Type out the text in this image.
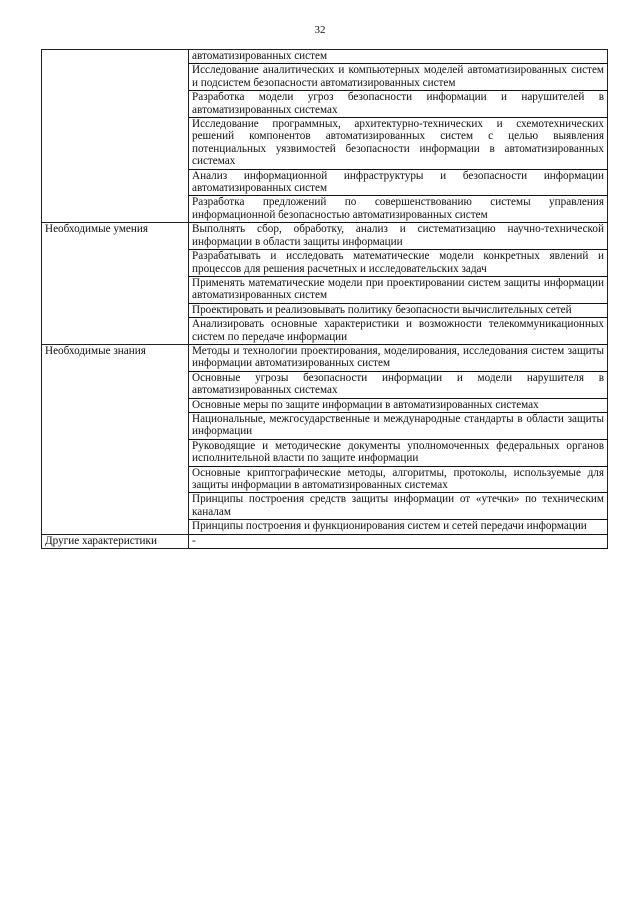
32
	автоматизированных систем
	Исследование аналитических и компьютерных моделей автоматизированных систем и подсистем безопасности автоматизированных систем
	Разработка модели угроз безопасности информации и нарушителей в автоматизированных системах
	Исследование программных, архитектурно-технических и схемотехнических решений компонентов автоматизированных систем с целью выявления потенциальных уязвимостей безопасности информации в автоматизированных системах
	Анализ информационной инфраструктуры и безопасности информации автоматизированных систем
	Разработка предложений по совершенствованию системы управления информационной безопасностью автоматизированных систем
Необходимые умения	Выполнять сбор, обработку, анализ и систематизацию научно-технической информации в области защиты информации
	Разрабатывать и исследовать математические модели конкретных явлений и процессов для решения расчетных и исследовательских задач
	Применять математические модели при проектировании систем защиты информации автоматизированных систем
	Проектировать и реализовывать политику безопасности вычислительных сетей
	Анализировать основные характеристики и возможности телекоммуникационных систем по передаче информации
Необходимые знания	Методы и технологии проектирования, моделирования, исследования систем защиты информации автоматизированных систем
	Основные угрозы безопасности информации и модели нарушителя в автоматизированных системах
	Основные меры по защите информации в автоматизированных системах
	Национальные, межгосударственные и международные стандарты в области защиты информации
	Руководящие и методические документы уполномоченных федеральных органов исполнительной власти по защите информации
	Основные криптографические методы, алгоритмы, протоколы, используемые для защиты информации в автоматизированных системах
	Принципы построения средств защиты информации от «утечки» по техническим каналам
	Принципы построения и функционирования систем и сетей передачи информации
Другие характеристики	-
